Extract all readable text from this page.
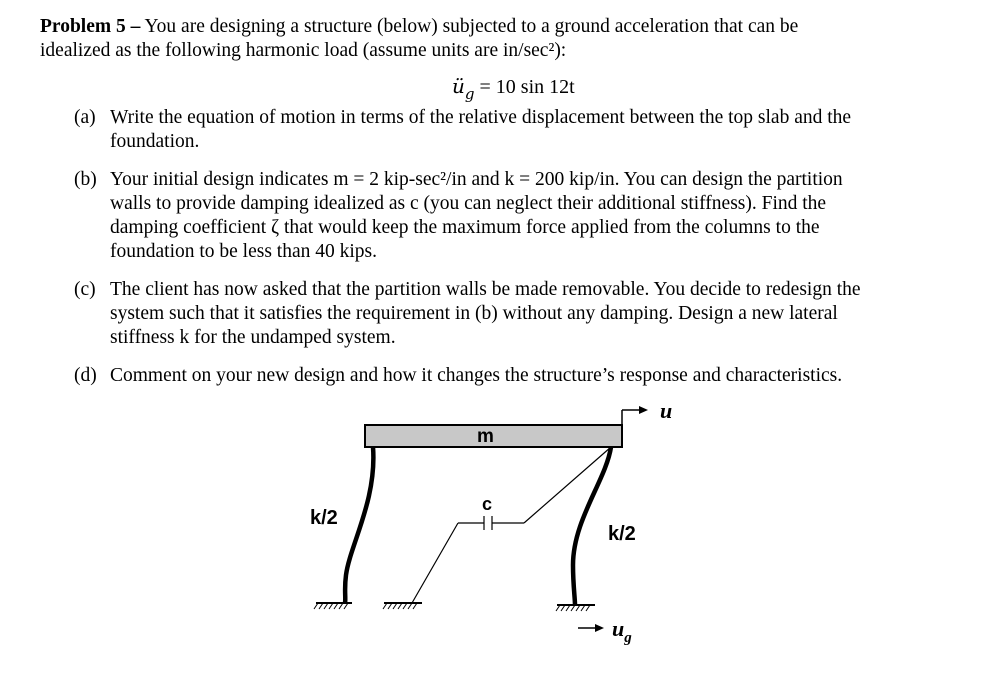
Problem 5 – You are designing a structure (below) subjected to a ground acceleration that can be
idealized as the following harmonic load (assume units are in/sec²):
$ü_g = 10$ sin 12t
(a) Write the equation of motion in terms of the relative displacement between the top slab and the
foundation.
(b) Your initial design indicates m = 2 kip-sec²/in and k = 200 kip/in. You can design the partition
walls to provide damping idealized as c (you can neglect their additional stiffness). Find the
damping coefficient ζ that would keep the maximum force applied from the columns to the
foundation to be less than 40 kips.
(c) The client has now asked that the partition walls be made removable. You decide to redesign the
system such that it satisfies the requirement in (b) without any damping. Design a new lateral
stiffness k for the undamped system.
(d) Comment on your new design and how it changes the structure’s response and characteristics.
m
c
k/2
k/2
u
$u_g$
